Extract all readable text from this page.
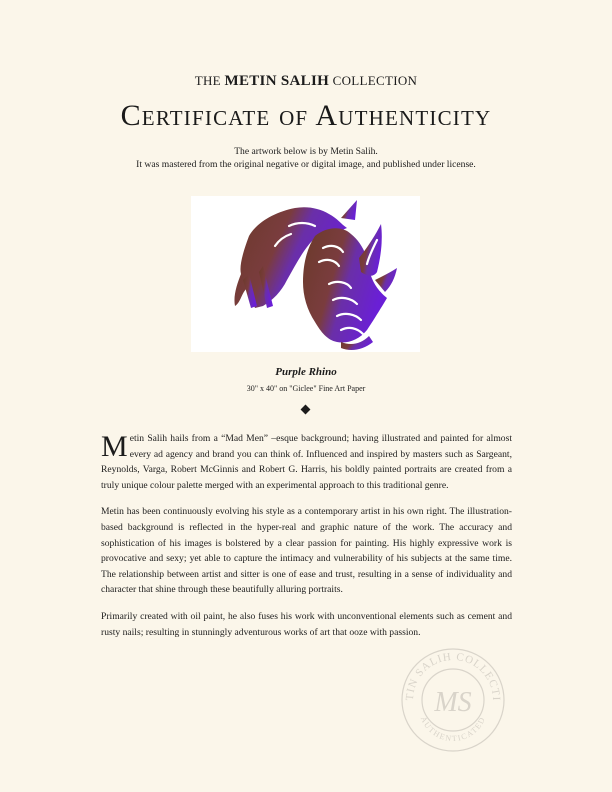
THE METIN SALIH COLLECTION
Certificate of Authenticity
The artwork below is by Metin Salih.
It was mastered from the original negative or digital image, and published under license.
Purple Rhino
30" x 40" on "Giclee" Fine Art Paper

Metin Salih hails from a “Mad Men” –esque background; having illustrated and painted for almost every ad agency and brand you can think of. Influenced and inspired by masters such as Sargeant, Reynolds, Varga, Robert McGinnis and Robert G. Harris, his boldly painted portraits are created from a truly unique colour palette merged with an experimental approach to this traditional genre.

Metin has been continuously evolving his style as a contemporary artist in his own right. The illustration-based background is reflected in the hyper-real and graphic nature of the work. The accuracy and sophistication of his images is bolstered by a clear passion for painting. His highly expressive work is provocative and sexy; yet able to capture the intimacy and vulnerability of his subjects at the same time. The relationship between artist and sitter is one of ease and trust, resulting in a sense of individuality and character that shine through these beautifully alluring portraits.

Primarily created with oil paint, he also fuses his work with unconventional elements such as cement and rusty nails; resulting in stunningly adventurous works of art that ooze with passion.

TIN SALIH COLLECTI
AUTHENTICATED
MS
